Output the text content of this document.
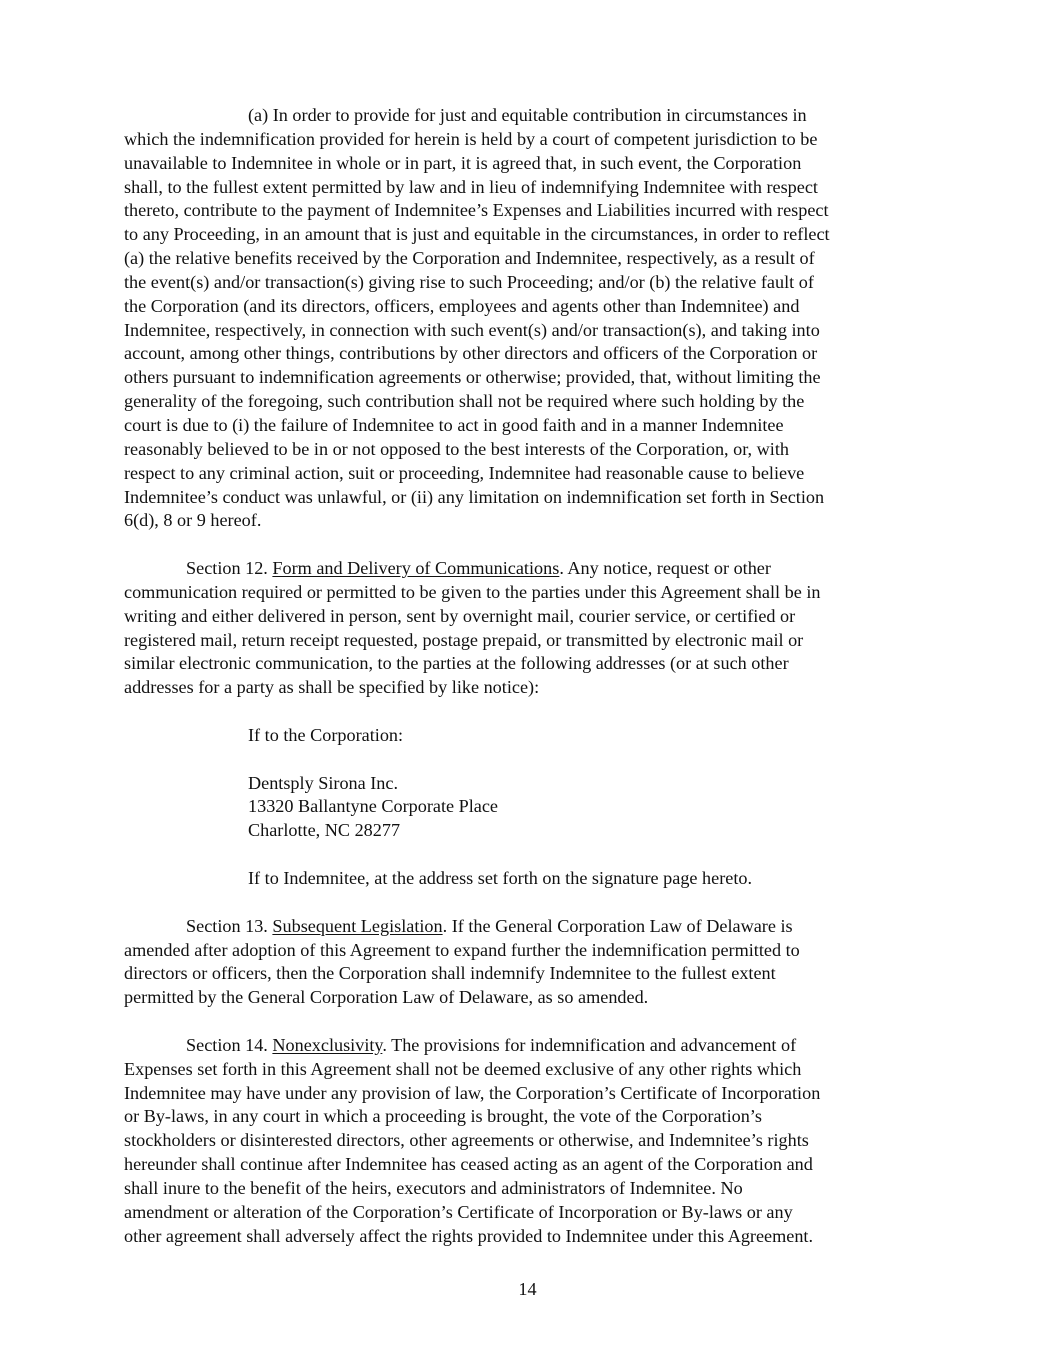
(a) In order to provide for just and equitable contribution in circumstances in
which the indemnification provided for herein is held by a court of competent jurisdiction to be
unavailable to Indemnitee in whole or in part, it is agreed that, in such event, the Corporation
shall, to the fullest extent permitted by law and in lieu of indemnifying Indemnitee with respect
thereto, contribute to the payment of Indemnitee’s Expenses and Liabilities incurred with respect
to any Proceeding, in an amount that is just and equitable in the circumstances, in order to reflect
(a) the relative benefits received by the Corporation and Indemnitee, respectively, as a result of
the event(s) and/or transaction(s) giving rise to such Proceeding; and/or (b) the relative fault of
the Corporation (and its directors, officers, employees and agents other than Indemnitee) and
Indemnitee, respectively, in connection with such event(s) and/or transaction(s), and taking into
account, among other things, contributions by other directors and officers of the Corporation or
others pursuant to indemnification agreements or otherwise; provided, that, without limiting the
generality of the foregoing, such contribution shall not be required where such holding by the
court is due to (i) the failure of Indemnitee to act in good faith and in a manner Indemnitee
reasonably believed to be in or not opposed to the best interests of the Corporation, or, with
respect to any criminal action, suit or proceeding, Indemnitee had reasonable cause to believe
Indemnitee’s conduct was unlawful, or (ii) any limitation on indemnification set forth in Section
6(d), 8 or 9 hereof.
Section 12. Form and Delivery of Communications. Any notice, request or other
communication required or permitted to be given to the parties under this Agreement shall be in
writing and either delivered in person, sent by overnight mail, courier service, or certified or
registered mail, return receipt requested, postage prepaid, or transmitted by electronic mail or
similar electronic communication, to the parties at the following addresses (or at such other
addresses for a party as shall be specified by like notice):
If to the Corporation:
Dentsply Sirona Inc.
13320 Ballantyne Corporate Place
Charlotte, NC 28277
If to Indemnitee, at the address set forth on the signature page hereto.
Section 13. Subsequent Legislation. If the General Corporation Law of Delaware is
amended after adoption of this Agreement to expand further the indemnification permitted to
directors or officers, then the Corporation shall indemnify Indemnitee to the fullest extent
permitted by the General Corporation Law of Delaware, as so amended.
Section 14. Nonexclusivity. The provisions for indemnification and advancement of
Expenses set forth in this Agreement shall not be deemed exclusive of any other rights which
Indemnitee may have under any provision of law, the Corporation’s Certificate of Incorporation
or By-laws, in any court in which a proceeding is brought, the vote of the Corporation’s
stockholders or disinterested directors, other agreements or otherwise, and Indemnitee’s rights
hereunder shall continue after Indemnitee has ceased acting as an agent of the Corporation and
shall inure to the benefit of the heirs, executors and administrators of Indemnitee. No
amendment or alteration of the Corporation’s Certificate of Incorporation or By-laws or any
other agreement shall adversely affect the rights provided to Indemnitee under this Agreement.
14
